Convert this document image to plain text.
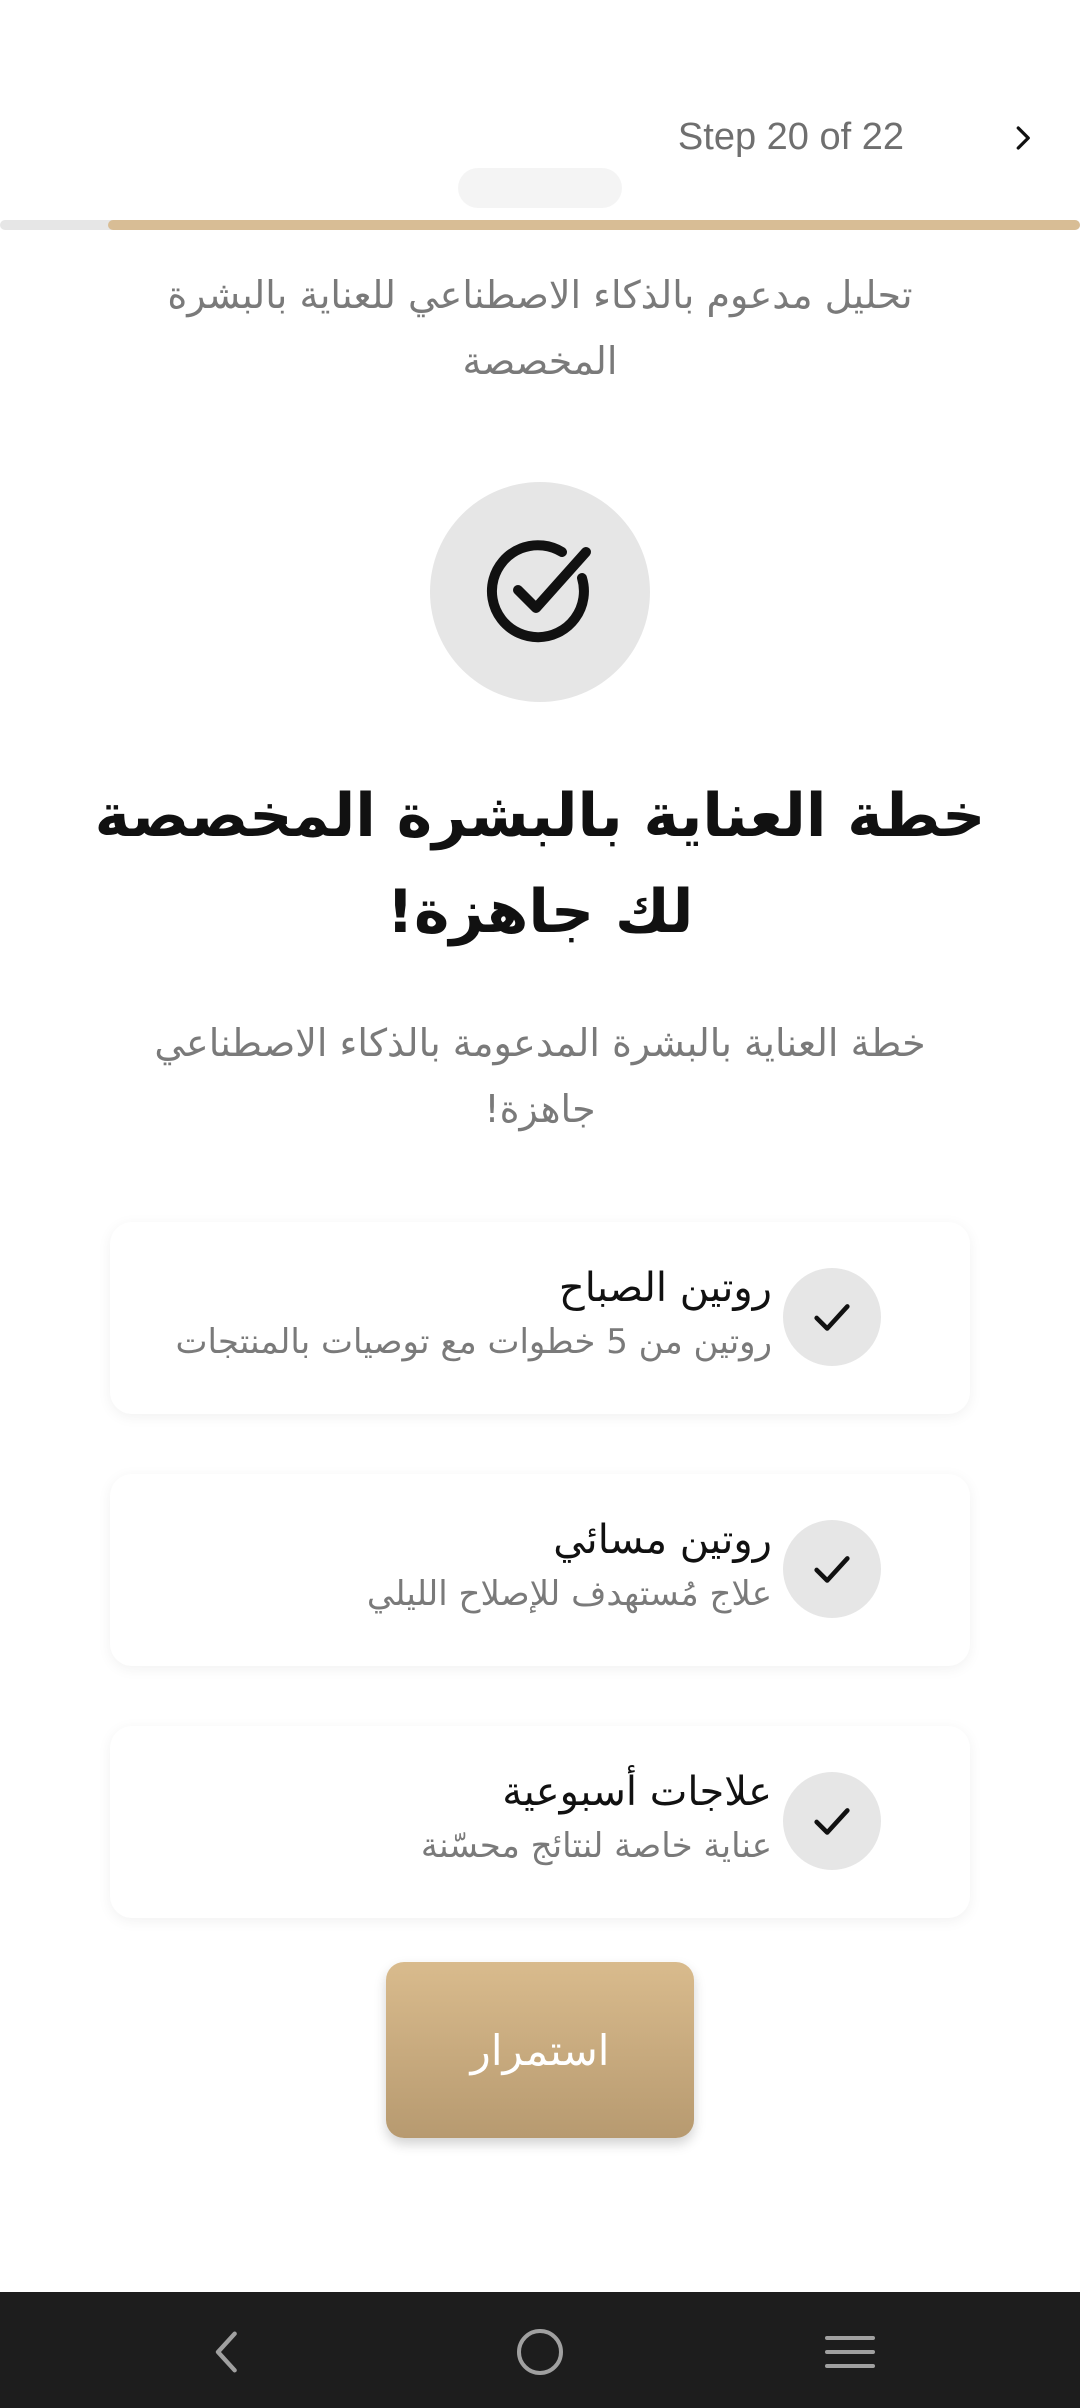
Step 20 of 22
تحليل مدعوم بالذكاء الاصطناعي للعناية بالبشرة المخصصة
خطة العناية بالبشرة المخصصة لك جاهزة!
خطة العناية بالبشرة المدعومة بالذكاء الاصطناعي جاهزة!
روتين الصباح
روتين من 5 خطوات مع توصيات بالمنتجات
روتين مسائي
علاج مُستهدف للإصلاح الليلي
علاجات أسبوعية
عناية خاصة لنتائج محسّنة
استمرار
